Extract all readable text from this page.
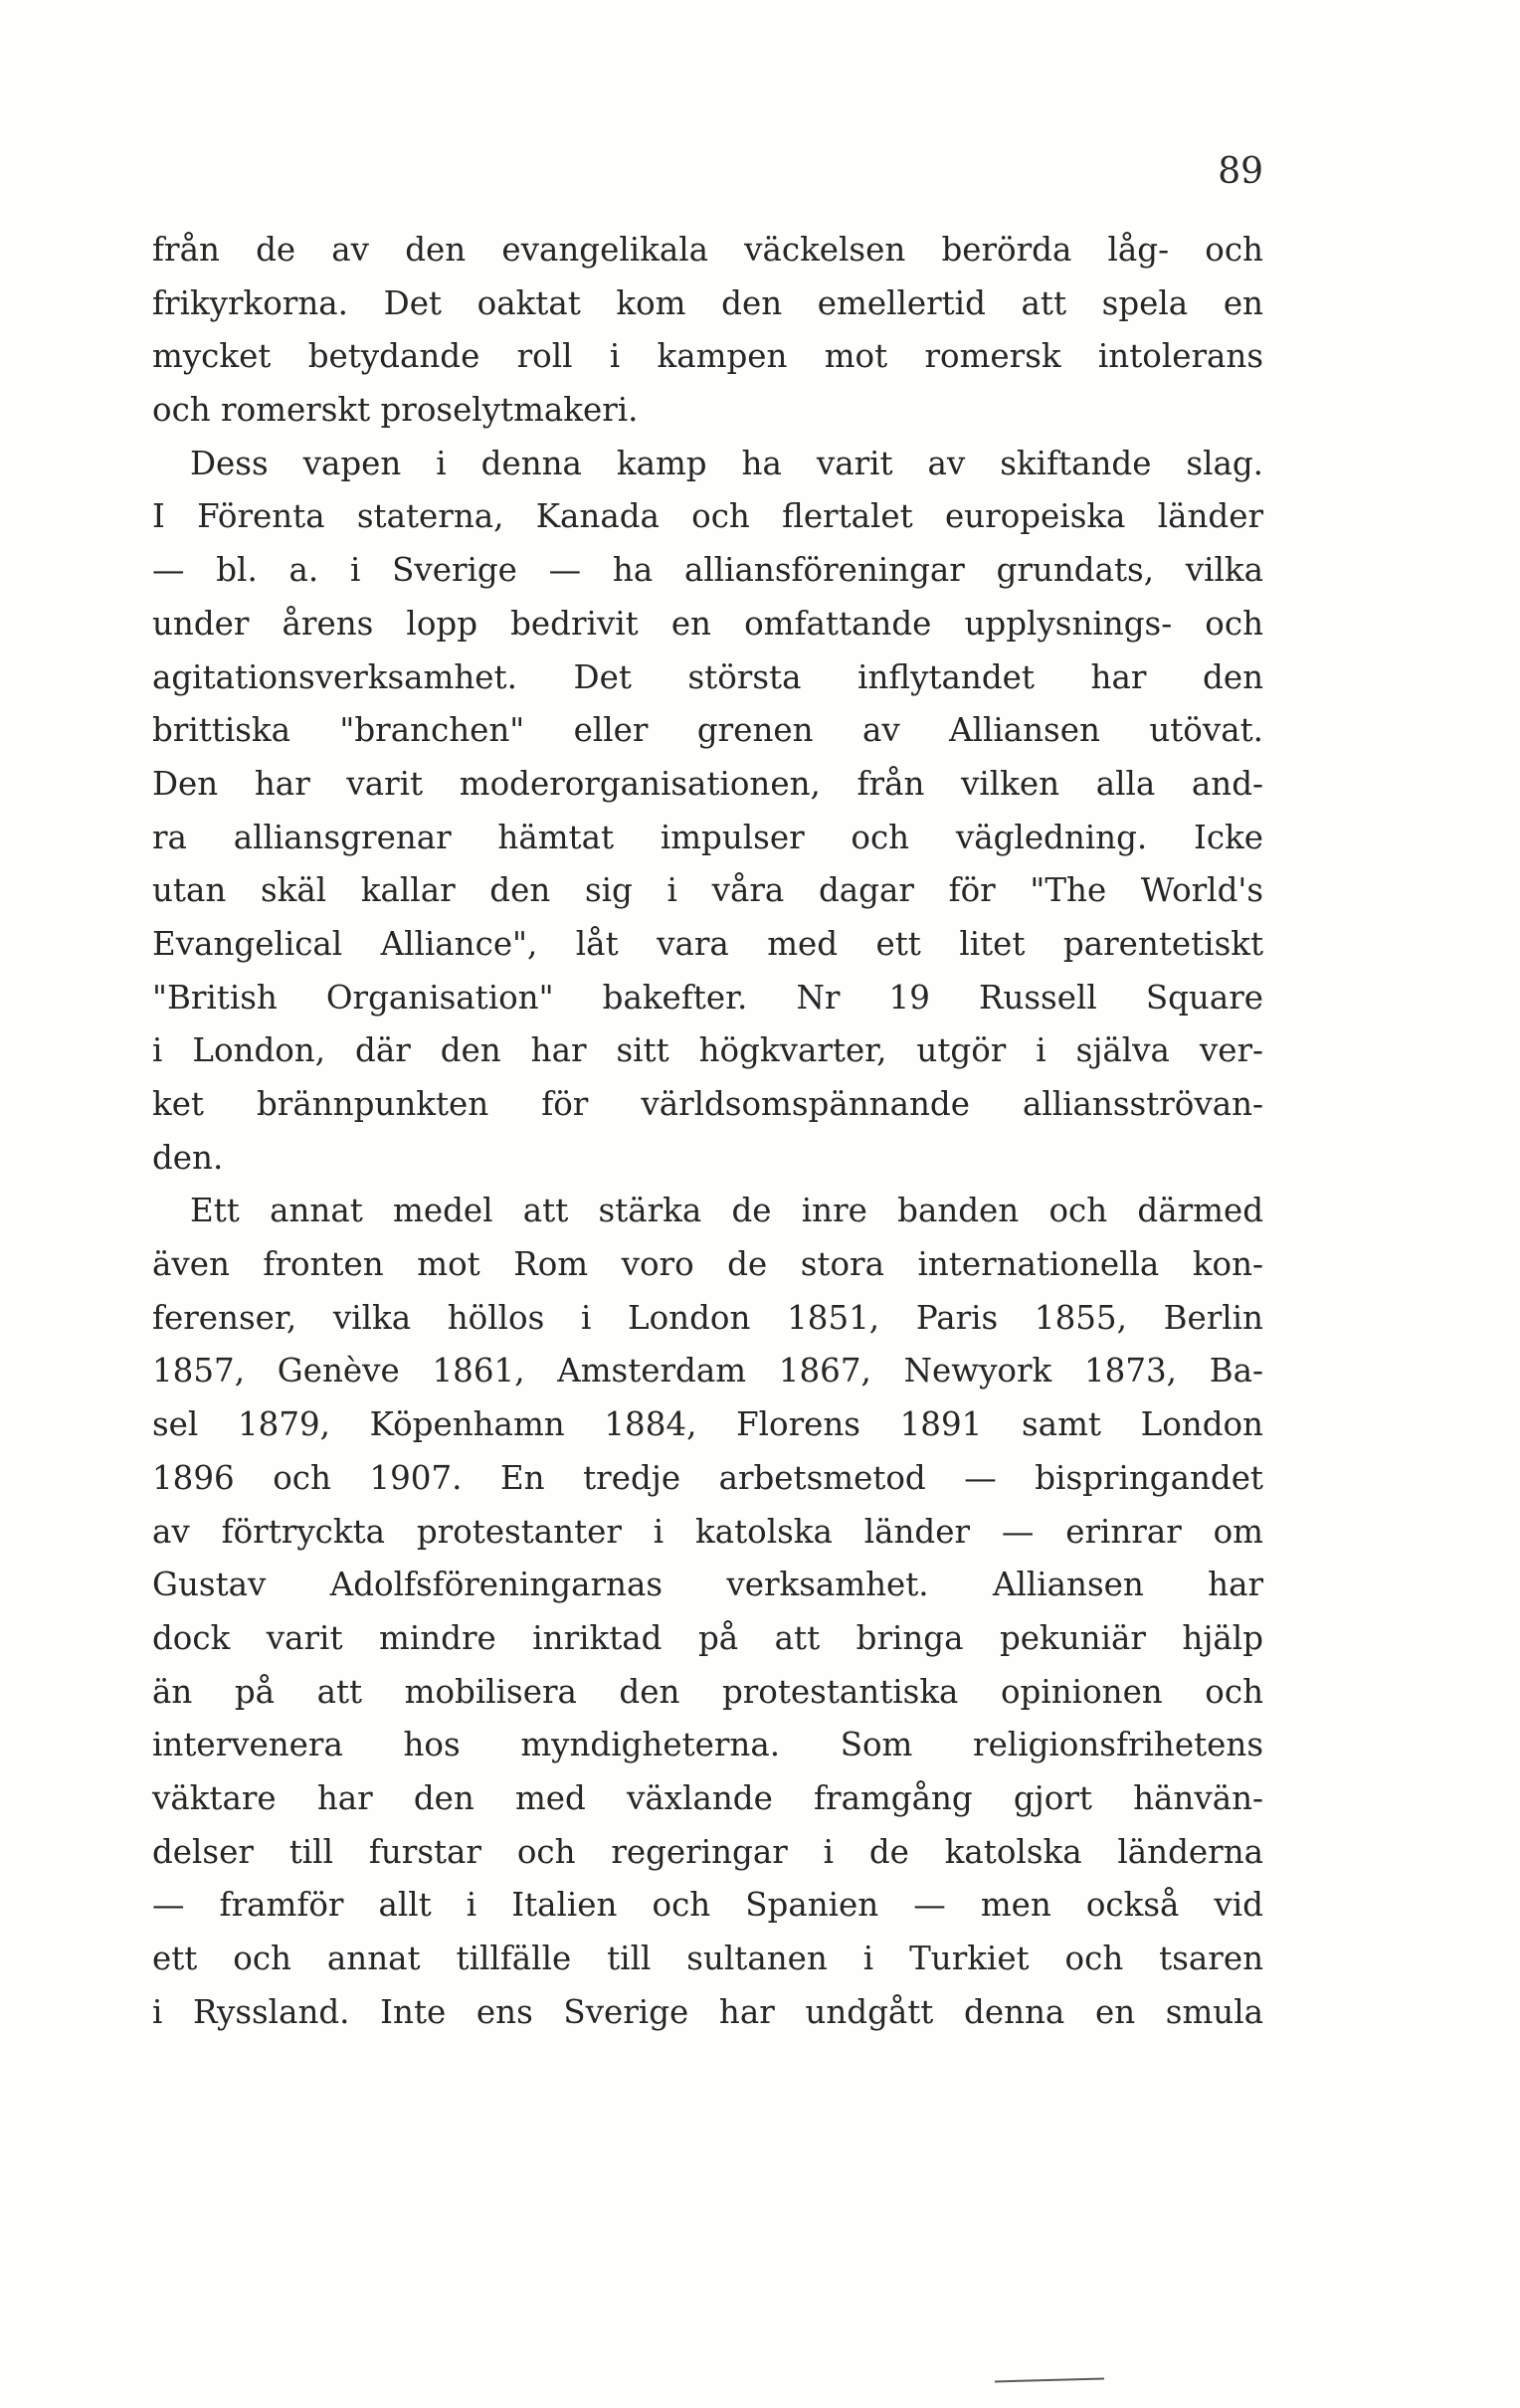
89

från de av den evangelikala väckelsen berörda låg- och
frikyrkorna. Det oaktat kom den emellertid att spela en
mycket betydande roll i kampen mot romersk intolerans
och romerskt proselytmakeri.
Dess vapen i denna kamp ha varit av skiftande slag.
I Förenta staterna, Kanada och flertalet europeiska länder
— bl. a. i Sverige — ha alliansföreningar grundats, vilka
under årens lopp bedrivit en omfattande upplysnings- och
agitationsverksamhet. Det största inflytandet har den
brittiska "branchen" eller grenen av Alliansen utövat.
Den har varit moderorganisationen, från vilken alla and-
ra alliansgrenar hämtat impulser och vägledning. Icke
utan skäl kallar den sig i våra dagar för "The World's
Evangelical Alliance", låt vara med ett litet parentetiskt
"British Organisation" bakefter. Nr 19 Russell Square
i London, där den har sitt högkvarter, utgör i själva ver-
ket brännpunkten för världsomspännande alliansströvan-
den.
Ett annat medel att stärka de inre banden och därmed
även fronten mot Rom voro de stora internationella kon-
ferenser, vilka höllos i London 1851, Paris 1855, Berlin
1857, Genève 1861, Amsterdam 1867, Newyork 1873, Ba-
sel 1879, Köpenhamn 1884, Florens 1891 samt London
1896 och 1907. En tredje arbetsmetod — bispringandet
av förtryckta protestanter i katolska länder — erinrar om
Gustav Adolfsföreningarnas verksamhet. Alliansen har
dock varit mindre inriktad på att bringa pekuniär hjälp
än på att mobilisera den protestantiska opinionen och
intervenera hos myndigheterna. Som religionsfrihetens
väktare har den med växlande framgång gjort hänvän-
delser till furstar och regeringar i de katolska länderna
— framför allt i Italien och Spanien — men också vid
ett och annat tillfälle till sultanen i Turkiet och tsaren
i Ryssland. Inte ens Sverige har undgått denna en smula
